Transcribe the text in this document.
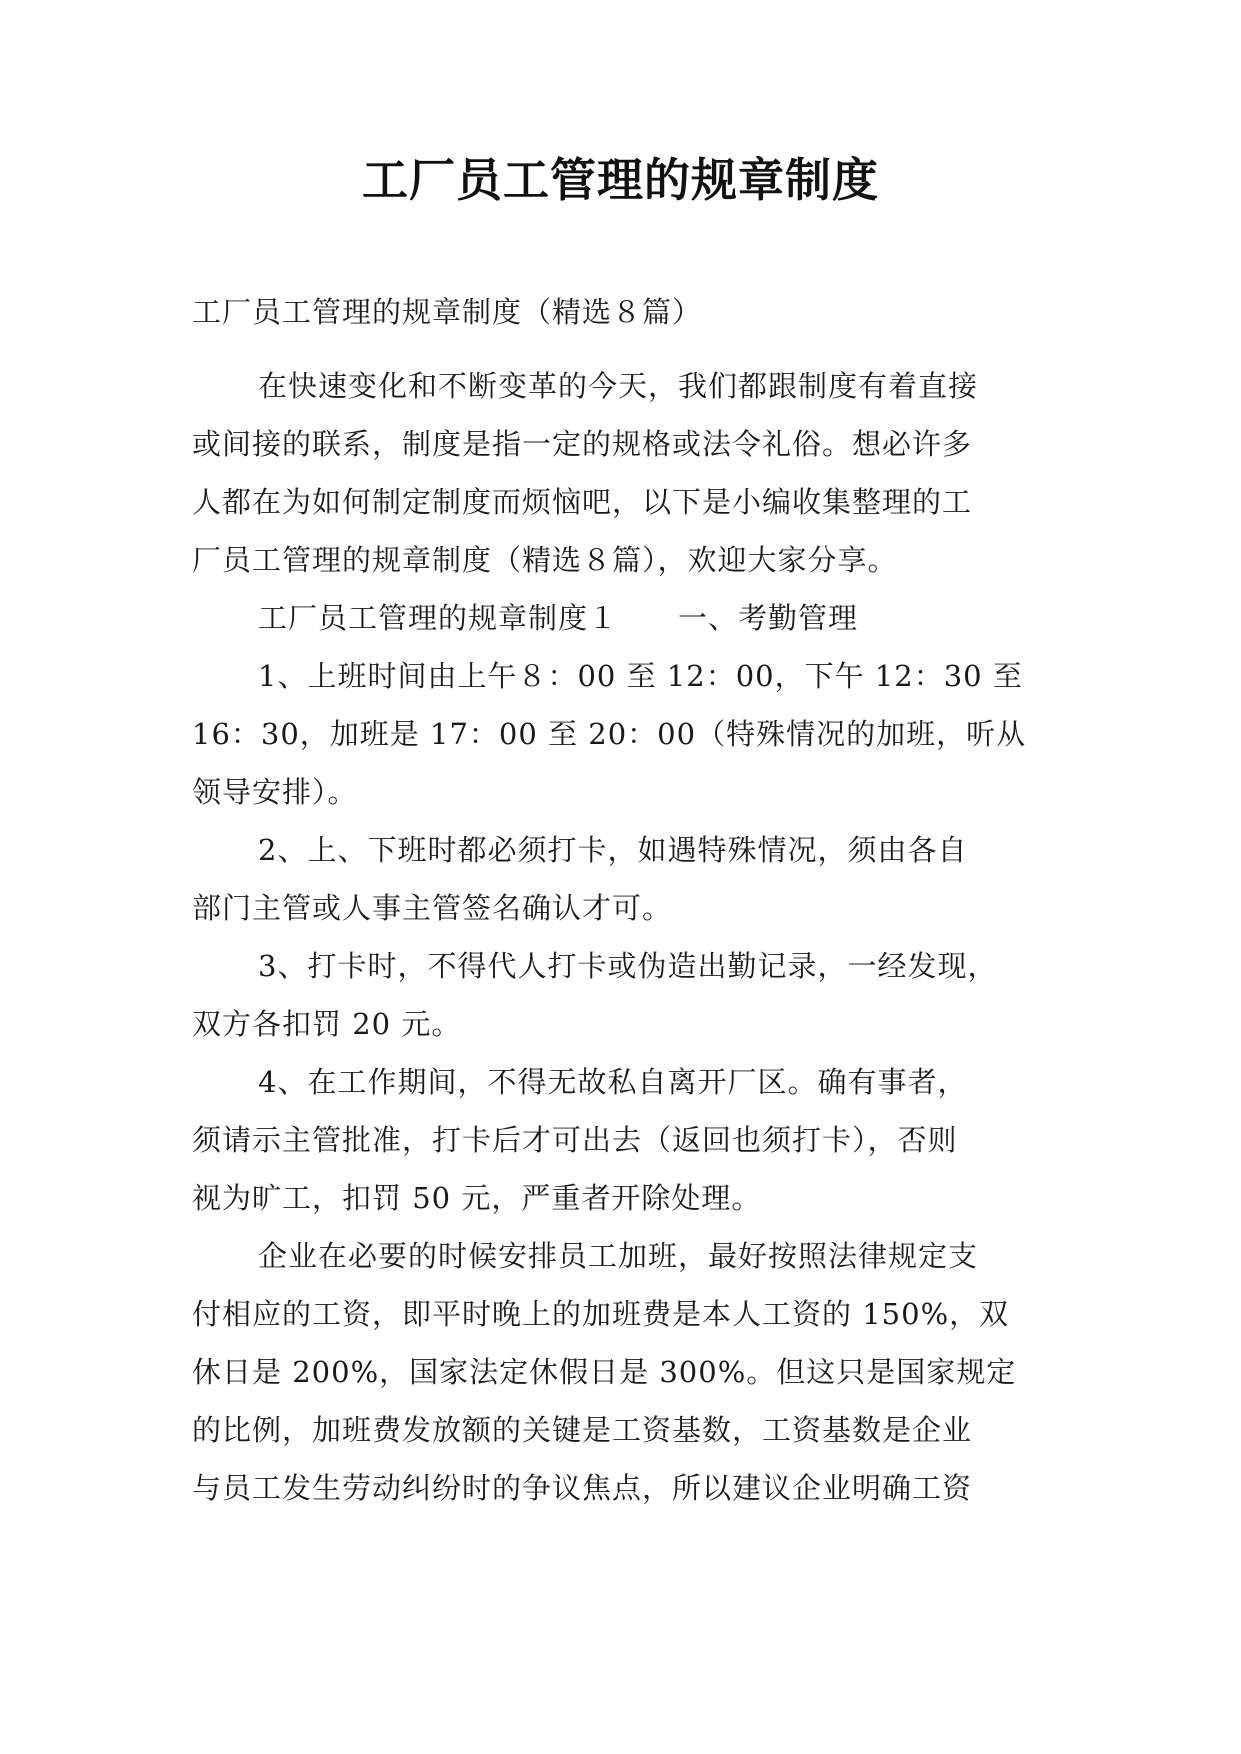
工厂员工管理的规章制度

工厂员工管理的规章制度（精选８篇）

在快速变化和不断变革的今天，我们都跟制度有着直接

或间接的联系，制度是指一定的规格或法令礼俗。想必许多

人都在为如何制定制度而烦恼吧，以下是小编收集整理的工

厂员工管理的规章制度（精选８篇），欢迎大家分享。

工厂员工管理的规章制度１　　一、考勤管理

1、上班时间由上午８：00 至 12：00，下午 12：30 至

16：30，加班是 17：00 至 20：00（特殊情况的加班，听从

领导安排）。

2、上、下班时都必须打卡，如遇特殊情况，须由各自

部门主管或人事主管签名确认才可。

3、打卡时，不得代人打卡或伪造出勤记录，一经发现，

双方各扣罚 20 元。

4、在工作期间，不得无故私自离开厂区。确有事者，

须请示主管批准，打卡后才可出去（返回也须打卡），否则

视为旷工，扣罚 50 元，严重者开除处理。

企业在必要的时候安排员工加班，最好按照法律规定支

付相应的工资，即平时晚上的加班费是本人工资的 150%，双

休日是 200%，国家法定休假日是 300%。但这只是国家规定

的比例，加班费发放额的关键是工资基数，工资基数是企业

与员工发生劳动纠纷时的争议焦点，所以建议企业明确工资
